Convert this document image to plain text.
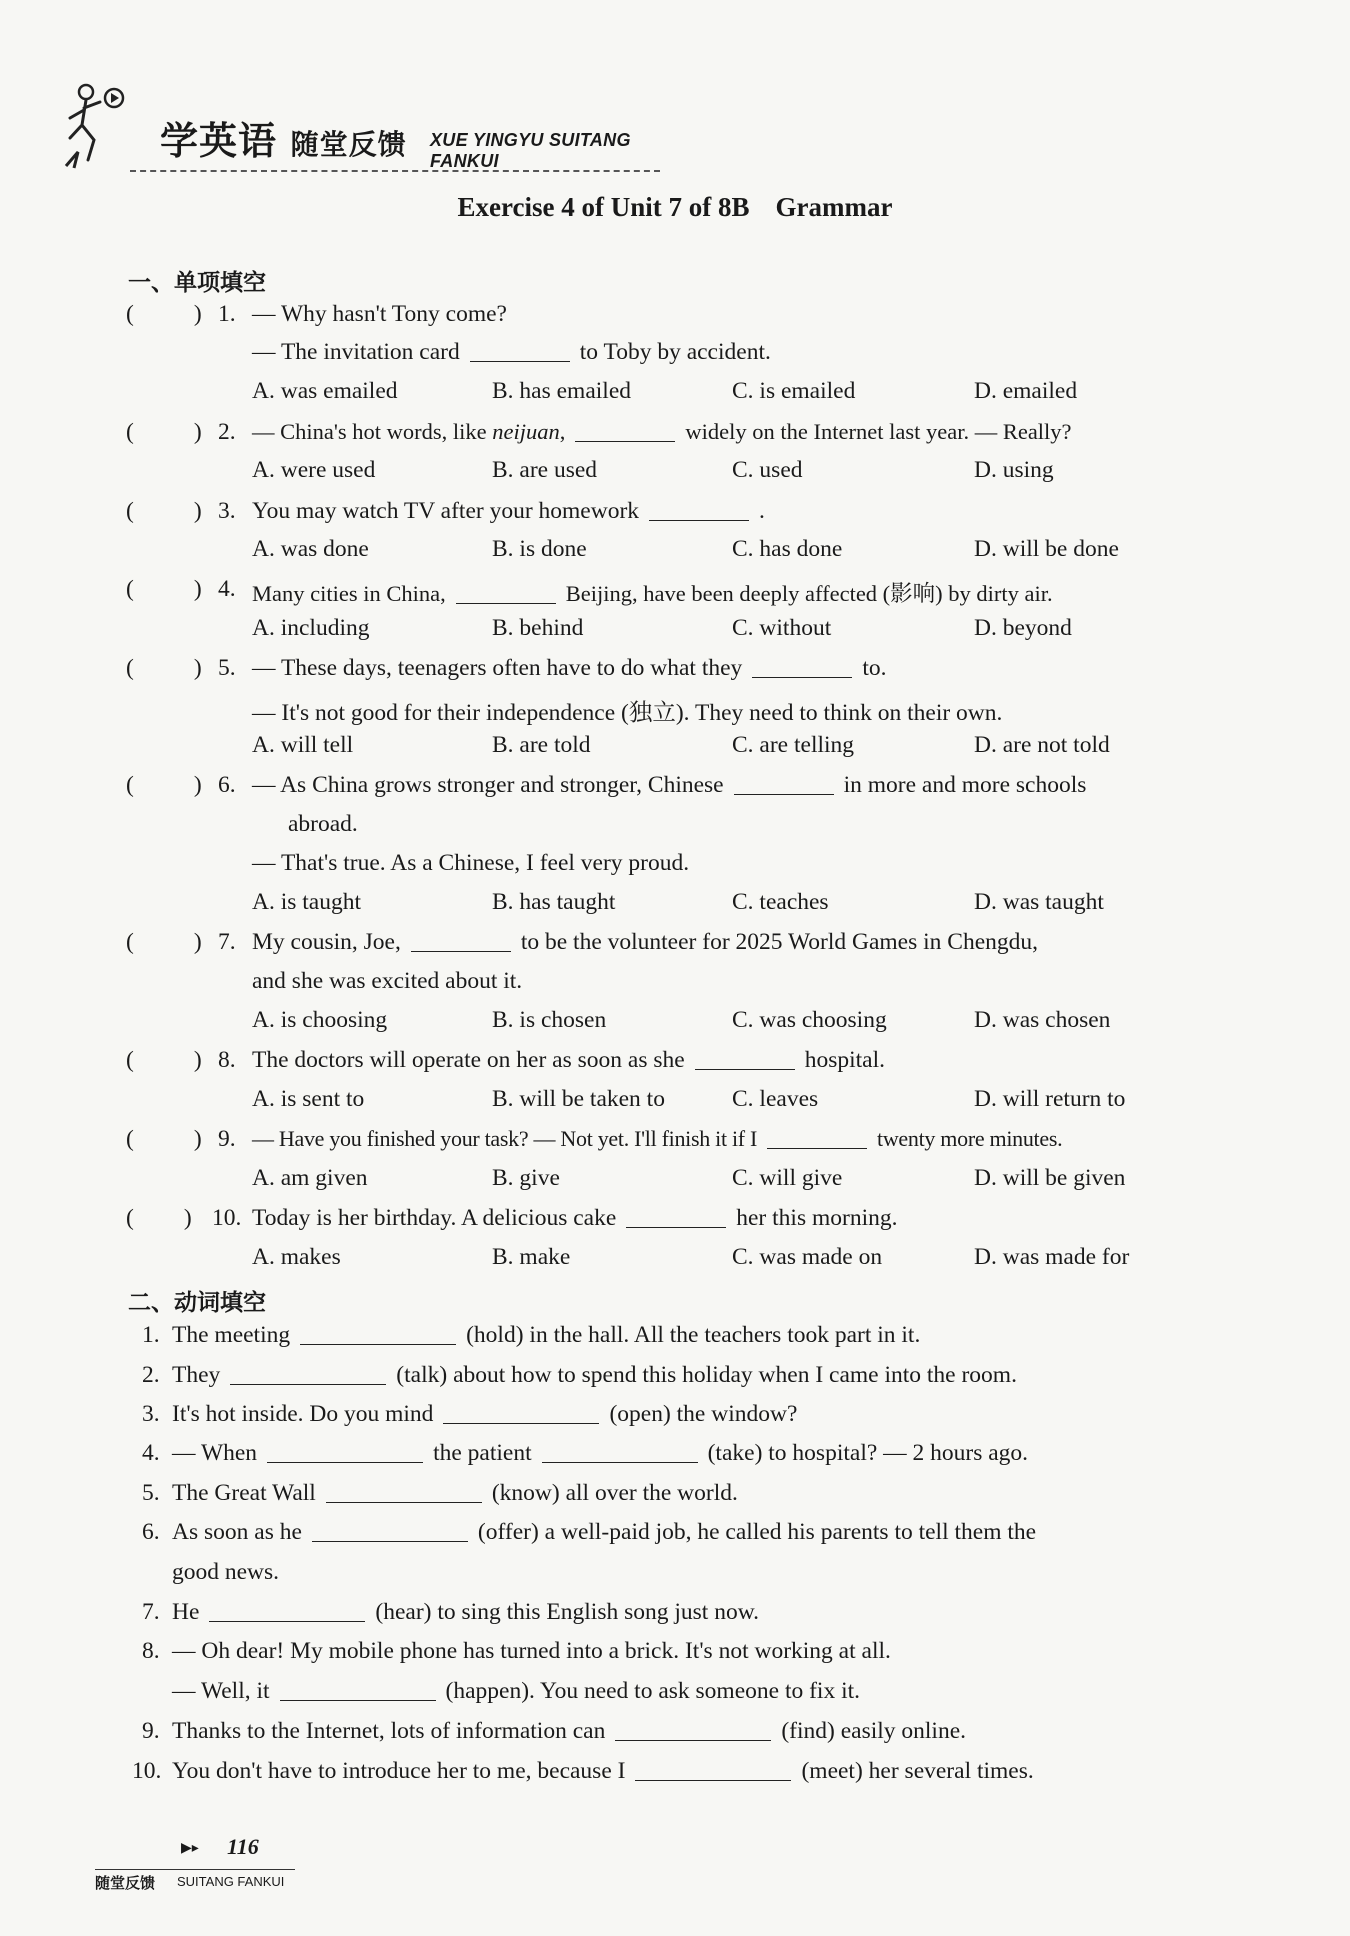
学英语 随堂反馈 XUE YINGYU SUITANG FANKUI
Exercise 4 of Unit 7 of 8B Grammar
一、单项填空
(	) 1. — Why hasn't Tony come?
— The invitation card	to Toby by accident.
A. was emailed	B. has emailed	C. is emailed	D. emailed
(	) 2. — China's hot words, like neijuan,	widely on the Internet last year. — Really?
A. were used	B. are used	C. used	D. using
(	) 3. You may watch TV after your homework	.
A. was done	B. is done	C. has done	D. will be done
(	) 4. Many cities in China,	Beijing, have been deeply affected (影响) by dirty air.
A. including	B. behind	C. without	D. beyond
(	) 5. — These days, teenagers often have to do what they	to.
— It's not good for their independence (独立). They need to think on their own.
A. will tell	B. are told	C. are telling	D. are not told
(	) 6. — As China grows stronger and stronger, Chinese	in more and more schools
abroad.
— That's true. As a Chinese, I feel very proud.
A. is taught	B. has taught	C. teaches	D. was taught
(	) 7. My cousin, Joe,	to be the volunteer for 2025 World Games in Chengdu,
and she was excited about it.
A. is choosing	B. is chosen	C. was choosing	D. was chosen
(	) 8. The doctors will operate on her as soon as she	hospital.
A. is sent to	B. will be taken to	C. leaves	D. will return to
(	) 9. — Have you finished your task? — Not yet. I'll finish it if I	twenty more minutes.
A. am given	B. give	C. will give	D. will be given
( ) 10. Today is her birthday. A delicious cake	her this morning.
A. makes	B. make	C. was made on	D. was made for
二、动词填空
1. The meeting	(hold) in the hall. All the teachers took part in it.
2. They	(talk) about how to spend this holiday when I came into the room.
3. It's hot inside. Do you mind	(open) the window?
4. — When	the patient	(take) to hospital? — 2 hours ago.
5. The Great Wall	(know) all over the world.
6. As soon as he	(offer) a well-paid job, he called his parents to tell them the
good news.
7. He	(hear) to sing this English song just now.
8. — Oh dear! My mobile phone has turned into a brick. It's not working at all.
— Well, it	(happen). You need to ask someone to fix it.
9. Thanks to the Internet, lots of information can	(find) easily online.
10. You don't have to introduce her to me, because I	(meet) her several times.
▶▸ 116
随堂反馈 SUITANG FANKUI
